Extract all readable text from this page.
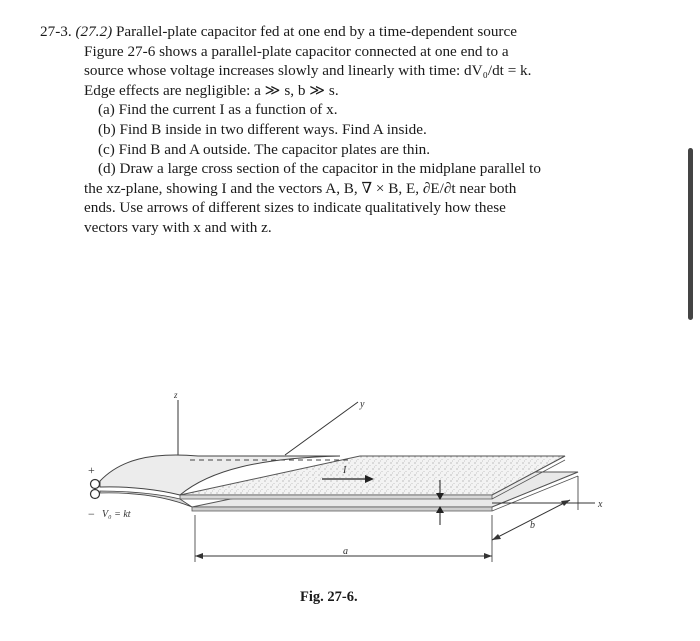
27-3. (27.2) Parallel-plate capacitor fed at one end by a time-dependent source

Figure 27-6 shows a parallel-plate capacitor connected at one end to a

source whose voltage increases slowly and linearly with time: dV₀/dt = k.

Edge effects are negligible: a ≫ s, b ≫ s.

(a) Find the current I as a function of x.

(b) Find B inside in two different ways. Find A inside.

(c) Find B and A outside. The capacitor plates are thin.

(d) Draw a large cross section of the capacitor in the midplane parallel to

the xz-plane, showing I and the vectors A, B, ∇ × B, E, ∂E/∂t near both

ends. Use arrows of different sizes to indicate qualitatively how these

vectors vary with x and with z.

z
y
+
− V₀ = kt
I
a
b
x
Fig. 27-6.
